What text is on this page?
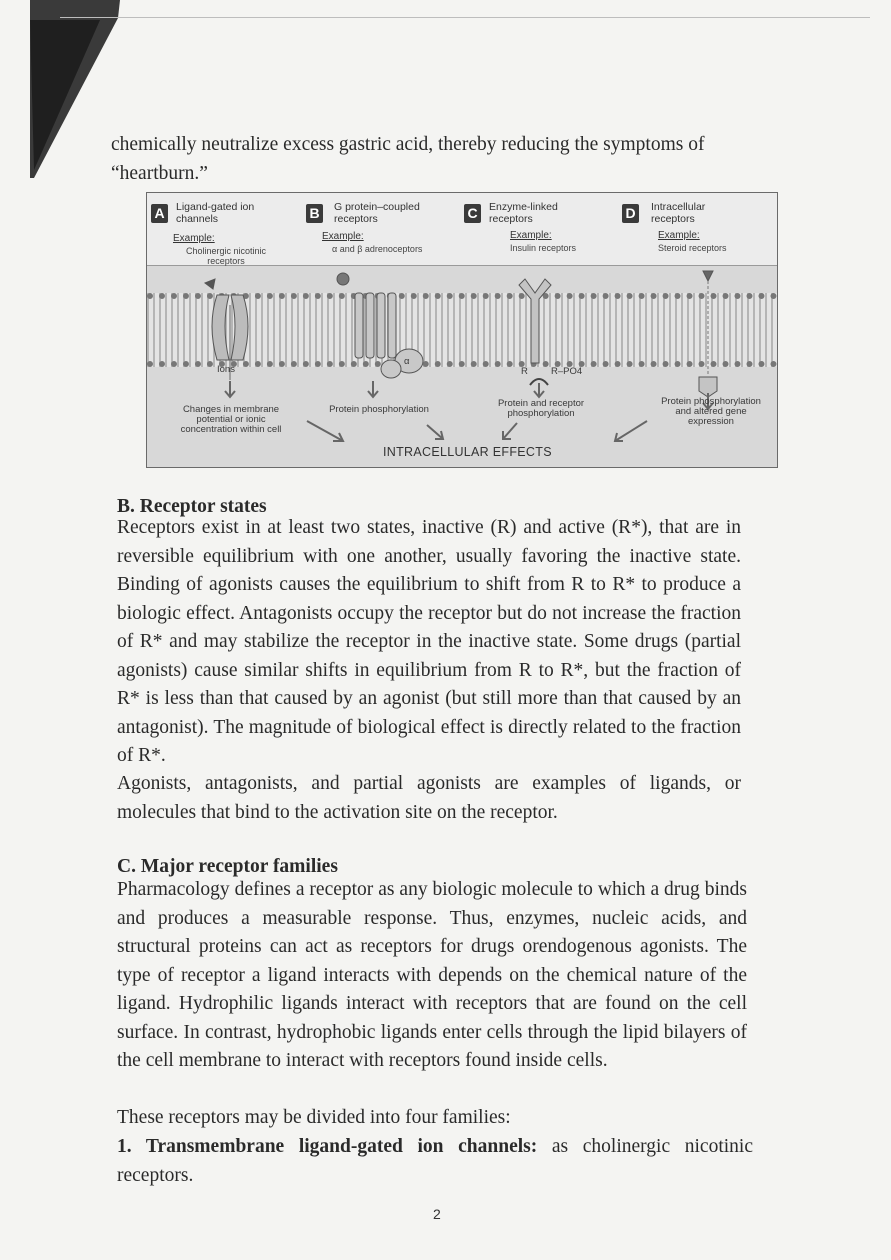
chemically neutralize excess gastric acid, thereby reducing the symptoms of “heartburn.”

A	Ligand-gated ion channels
Example:
Cholinergic nicotinic receptors
B	G protein–coupled receptors
Example:
α and β adrenoceptors
C	Enzyme-linked receptors
Example:
Insulin receptors
D	Intracellular receptors
Example:
Steroid receptors
Ions
α
R R–PO4
Changes in membrane potential or ionic concentration within cell
Protein phosphorylation
Protein and receptor phosphorylation
Protein phosphorylation and altered gene expression
INTRACELLULAR EFFECTS
B. Receptor states

Receptors exist in at least two states, inactive (R) and active (R*), that are in reversible equilibrium with one another, usually favoring the inactive state. Binding of agonists causes the equilibrium to shift from R to R* to produce a biologic effect. Antagonists occupy the receptor but do not increase the fraction of R* and may stabilize the receptor in the inactive state. Some drugs (partial agonists) cause similar shifts in equilibrium from R to R*, but the fraction of R* is less than that caused by an agonist (but still more than that caused by an antagonist). The magnitude of biological effect is directly related to the fraction of R*.

Agonists, antagonists, and partial agonists are examples of ligands, or molecules that bind to the activation site on the receptor.

C. Major receptor families

Pharmacology defines a receptor as any biologic molecule to which a drug binds and produces a measurable response. Thus, enzymes, nucleic acids, and structural proteins can act as receptors for drugs orendogenous agonists. The type of receptor a ligand interacts with depends on the chemical nature of the ligand. Hydrophilic ligands interact with receptors that are found on the cell surface. In contrast, hydrophobic ligands enter cells through the lipid bilayers of the cell membrane to interact with receptors found inside cells.

These receptors may be divided into four families:

1. Transmembrane ligand-gated ion channels: as cholinergic nicotinic receptors.

2
